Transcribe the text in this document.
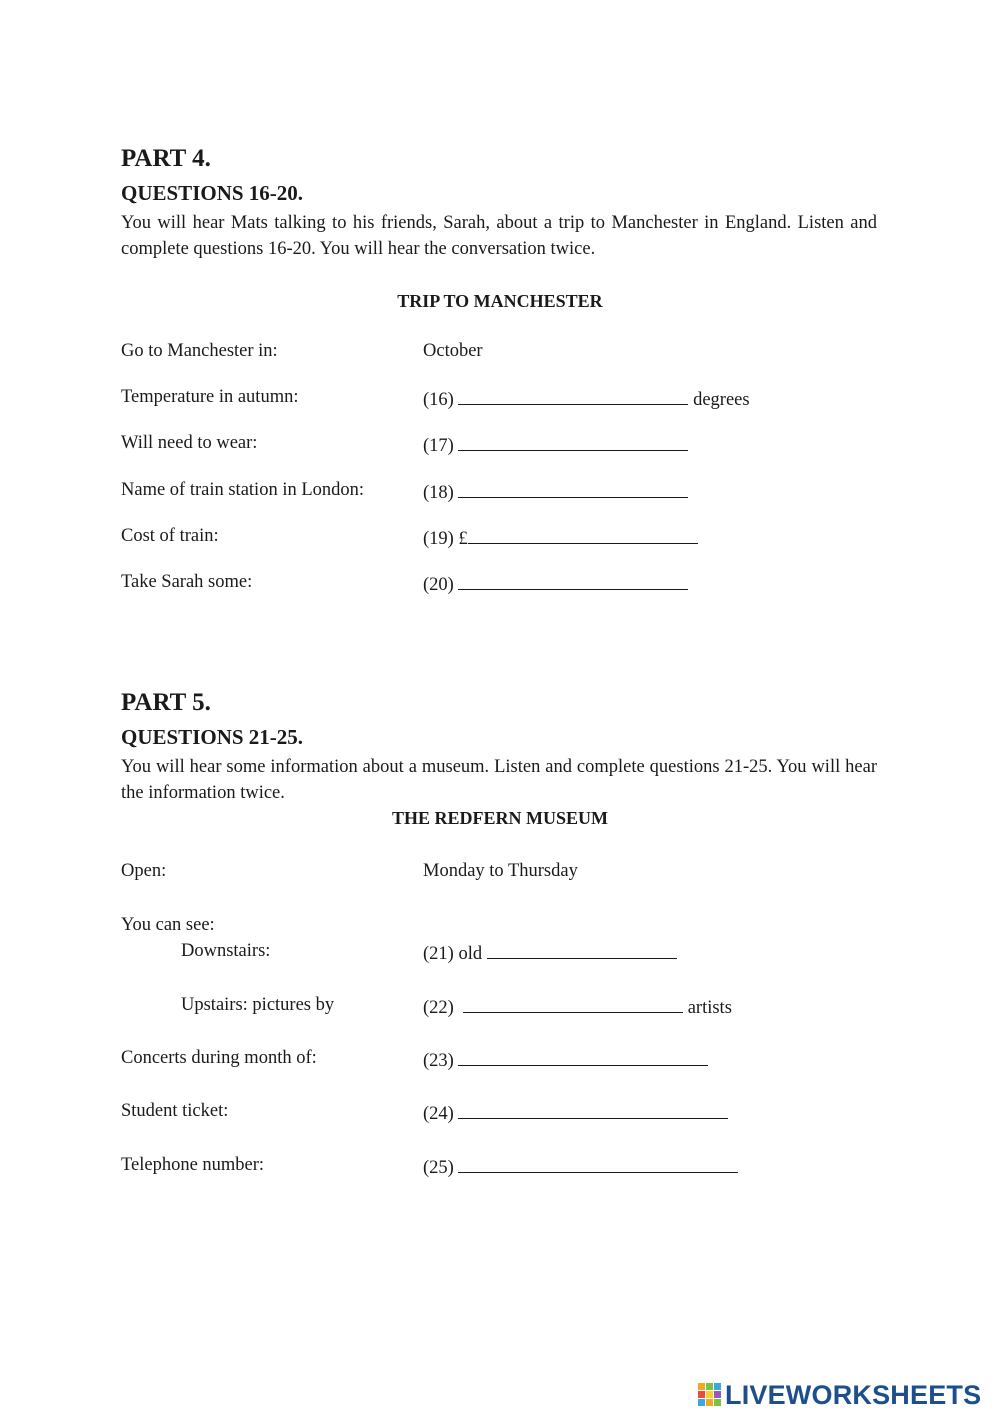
PART 4.
QUESTIONS 16-20.
You will hear Mats talking to his friends, Sarah, about a trip to Manchester in England. Listen and complete questions 16-20. You will hear the conversation twice.
TRIP TO MANCHESTER
Go to Manchester in:	October
Temperature in autumn:	(16)	degrees
Will need to wear:	(17)
Name of train station in London:	(18)
Cost of train:	(19) £
Take Sarah some:	(20)
PART 5.
QUESTIONS 21-25.
You will hear some information about a museum. Listen and complete questions 21-25. You will hear the information twice.
THE REDFERN MUSEUM
Open:	Monday to Thursday
You can see:
Downstairs:	(21) old
Upstairs: pictures by	(22)	artists
Concerts during month of:	(23)
Student ticket:	(24)
Telephone number:	(25)
LIVEWORKSHEETS
